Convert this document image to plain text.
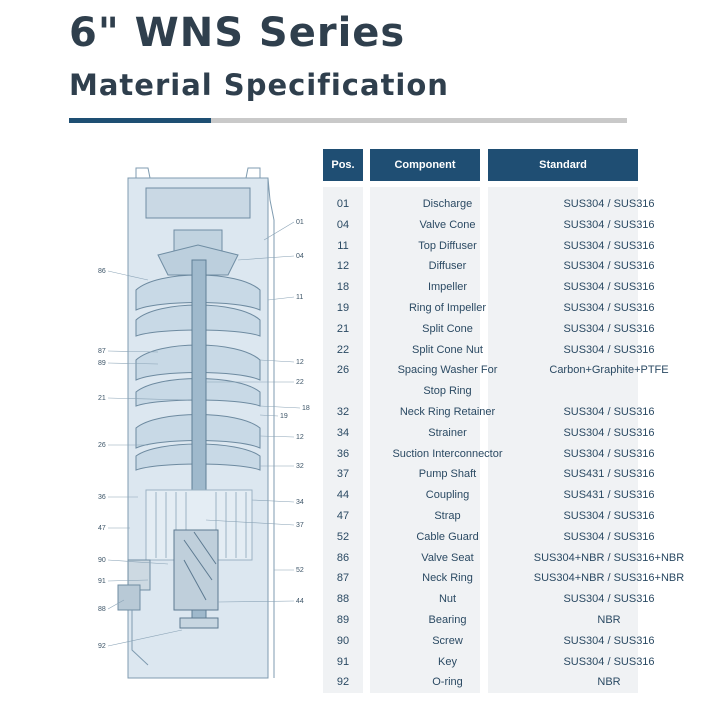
6" WNS Series
Material Specification
86
87
89
21
26
36
47
90
91
88
92
01
04
11
12
22
18
19
12
32
34
37
52
44
Pos.	Component	Standard
01	Discharge	SUS304 / SUS316
04	Valve Cone	SUS304 / SUS316
11	Top Diffuser	SUS304 / SUS316
12	Diffuser	SUS304 / SUS316
18	Impeller	SUS304 / SUS316
19	Ring of Impeller	SUS304 / SUS316
21	Split Cone	SUS304 / SUS316
22	Split Cone Nut	SUS304 / SUS316
26	Spacing Washer For	Carbon+Graphite+PTFE
Stop Ring
32	Neck Ring Retainer	SUS304 / SUS316
34	Strainer	SUS304 / SUS316
36	Suction Interconnector	SUS304 / SUS316
37	Pump Shaft	SUS431 / SUS316
44	Coupling	SUS431 / SUS316
47	Strap	SUS304 / SUS316
52	Cable Guard	SUS304 / SUS316
86	Valve Seat	SUS304+NBR / SUS316+NBR
87	Neck Ring	SUS304+NBR / SUS316+NBR
88	Nut	SUS304 / SUS316
89	Bearing	NBR
90	Screw	SUS304 / SUS316
91	Key	SUS304 / SUS316
92	O-ring	NBR
